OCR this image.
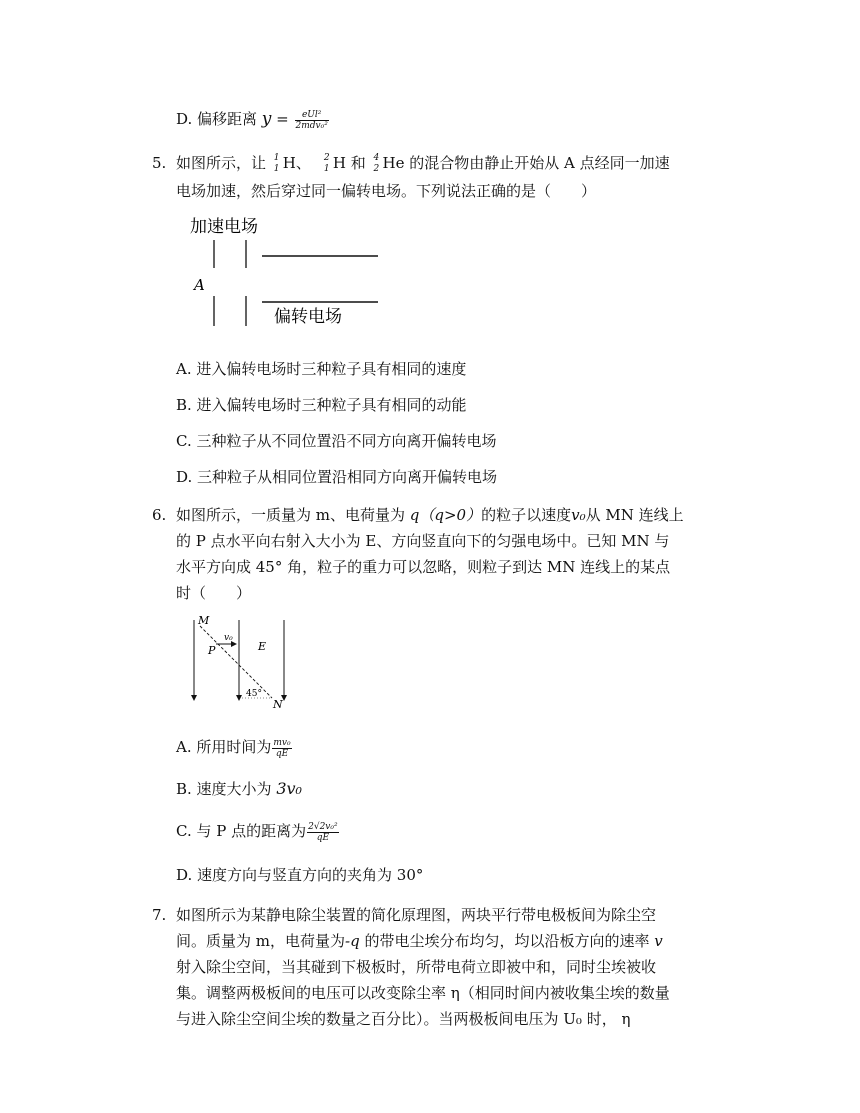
D. 偏移距离 $y = \frac{\text{eUl²}}{\text{2mdv₀²}}$
5. 如图所示，让 1
1 H、 2
1 H 和 4
2 He 的混合物由静止开始从 A 点经同一加速
电场加速，然后穿过同一偏转电场。下列说法正确的是（　　）
加速电场
A
偏转电场
A. 进入偏转电场时三种粒子具有相同的速度
B. 进入偏转电场时三种粒子具有相同的动能
C. 三种粒子从不同位置沿不同方向离开偏转电场
D. 三种粒子从相同位置沿相同方向离开偏转电场
6. 如图所示，一质量为 m、电荷量为 q（q>0）的粒子以速度v₀从 MN 连线上
的 P 点水平向右射入大小为 E、方向竖直向下的匀强电场中。已知 MN 与
水平方向成 45° 角，粒子的重力可以忽略，则粒子到达 MN 连线上的某点
时（　　）
M
P
v₀
E
45°
N
A. 所用时间为 $\frac{\text{mv₀}}{qE}$
B. 速度大小为 3v₀
C. 与 P 点的距离为 $\frac{\text{2√2v₀²}}{qE}$
D. 速度方向与竖直方向的夹角为 30°
7. 如图所示为某静电除尘装置的简化原理图，两块平行带电极板间为除尘空
间。质量为 m，电荷量为-q 的带电尘埃分布均匀，均以沿板方向的速率 v
射入除尘空间，当其碰到下极板时，所带电荷立即被中和，同时尘埃被收
集。调整两极板间的电压可以改变除尘率 η（相同时间内被收集尘埃的数量
与进入除尘空间尘埃的数量之百分比）。当两极板间电压为 U₀ 时， η
